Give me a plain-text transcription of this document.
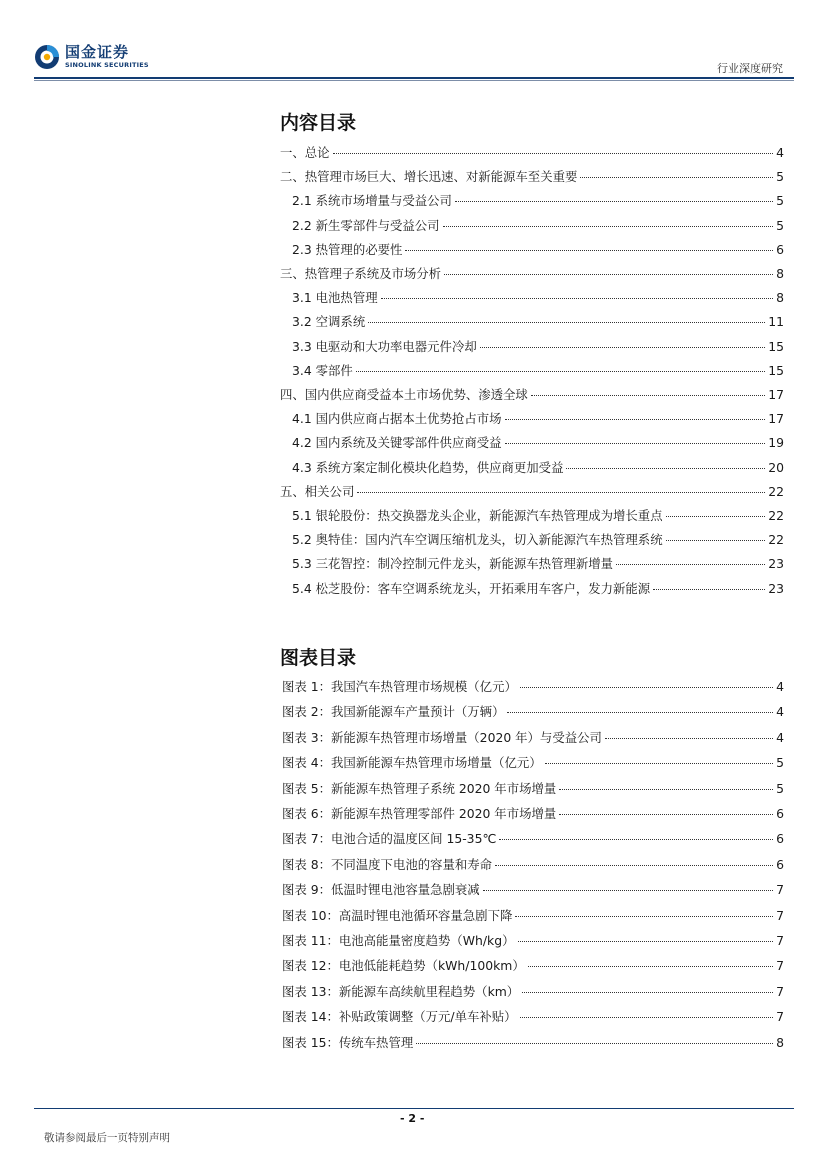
国金证券
SINOLINK SECURITIES	行业深度研究
内容目录
一、总论	4
二、热管理市场巨大、增长迅速、对新能源车至关重要	5
2.1 系统市场增量与受益公司	5
2.2 新生零部件与受益公司	5
2.3 热管理的必要性	6
三、热管理子系统及市场分析	8
3.1 电池热管理	8
3.2 空调系统	11
3.3 电驱动和大功率电器元件冷却	15
3.4 零部件	15
四、国内供应商受益本土市场优势、渗透全球	17
4.1 国内供应商占据本土优势抢占市场	17
4.2 国内系统及关键零部件供应商受益	19
4.3 系统方案定制化模块化趋势，供应商更加受益	20
五、相关公司	22
5.1 银轮股份：热交换器龙头企业，新能源汽车热管理成为增长重点	22
5.2 奥特佳：国内汽车空调压缩机龙头，切入新能源汽车热管理系统	22
5.3 三花智控：制冷控制元件龙头，新能源车热管理新增量	23
5.4 松芝股份：客车空调系统龙头，开拓乘用车客户，发力新能源	23
图表目录
图表 1：我国汽车热管理市场规模（亿元）	4
图表 2：我国新能源车产量预计（万辆）	4
图表 3：新能源车热管理市场增量（2020 年）与受益公司	4
图表 4：我国新能源车热管理市场增量（亿元）	5
图表 5：新能源车热管理子系统 2020 年市场增量	5
图表 6：新能源车热管理零部件 2020 年市场增量	6
图表 7：电池合适的温度区间 15-35℃	6
图表 8：不同温度下电池的容量和寿命	6
图表 9：低温时锂电池容量急剧衰减	7
图表 10：高温时锂电池循环容量急剧下降	7
图表 11：电池高能量密度趋势（Wh/kg）	7
图表 12：电池低能耗趋势（kWh/100km）	7
图表 13：新能源车高续航里程趋势（km）	7
图表 14：补贴政策调整（万元/单车补贴）	7
图表 15：传统车热管理	8
- 2 -
敬请参阅最后一页特别声明
